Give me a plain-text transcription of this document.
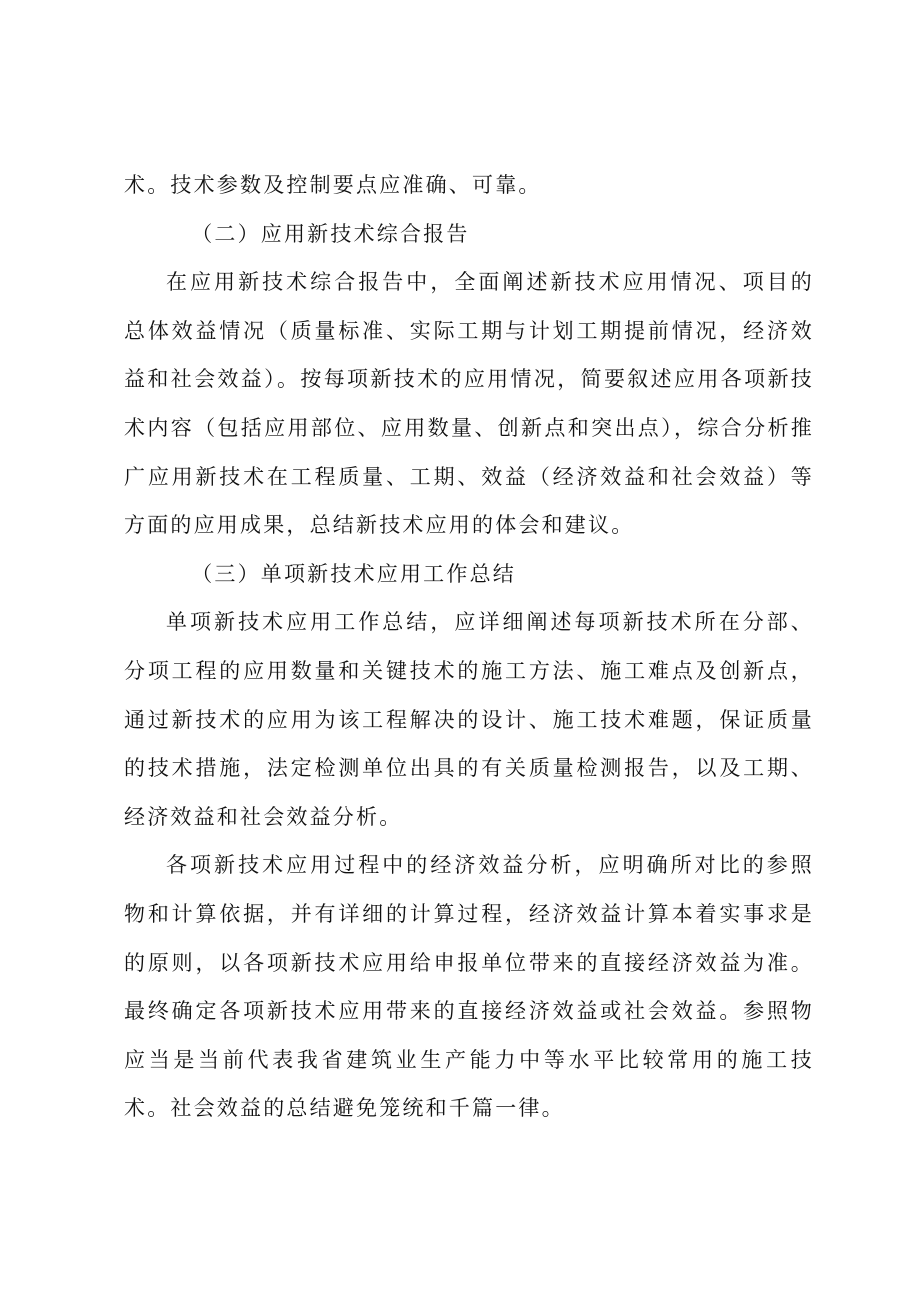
术。技术参数及控制要点应准确、可靠。

（二）应用新技术综合报告

在应用新技术综合报告中，全面阐述新技术应用情况、项目的总体效益情况（质量标准、实际工期与计划工期提前情况，经济效益和社会效益）。按每项新技术的应用情况，简要叙述应用各项新技术内容（包括应用部位、应用数量、创新点和突出点），综合分析推广应用新技术在工程质量、工期、效益（经济效益和社会效益）等方面的应用成果，总结新技术应用的体会和建议。

（三）单项新技术应用工作总结

单项新技术应用工作总结，应详细阐述每项新技术所在分部、分项工程的应用数量和关键技术的施工方法、施工难点及创新点，通过新技术的应用为该工程解决的设计、施工技术难题，保证质量的技术措施，法定检测单位出具的有关质量检测报告，以及工期、经济效益和社会效益分析。

各项新技术应用过程中的经济效益分析，应明确所对比的参照物和计算依据，并有详细的计算过程，经济效益计算本着实事求是的原则，以各项新技术应用给申报单位带来的直接经济效益为准。最终确定各项新技术应用带来的直接经济效益或社会效益。参照物应当是当前代表我省建筑业生产能力中等水平比较常用的施工技术。社会效益的总结避免笼统和千篇一律。
